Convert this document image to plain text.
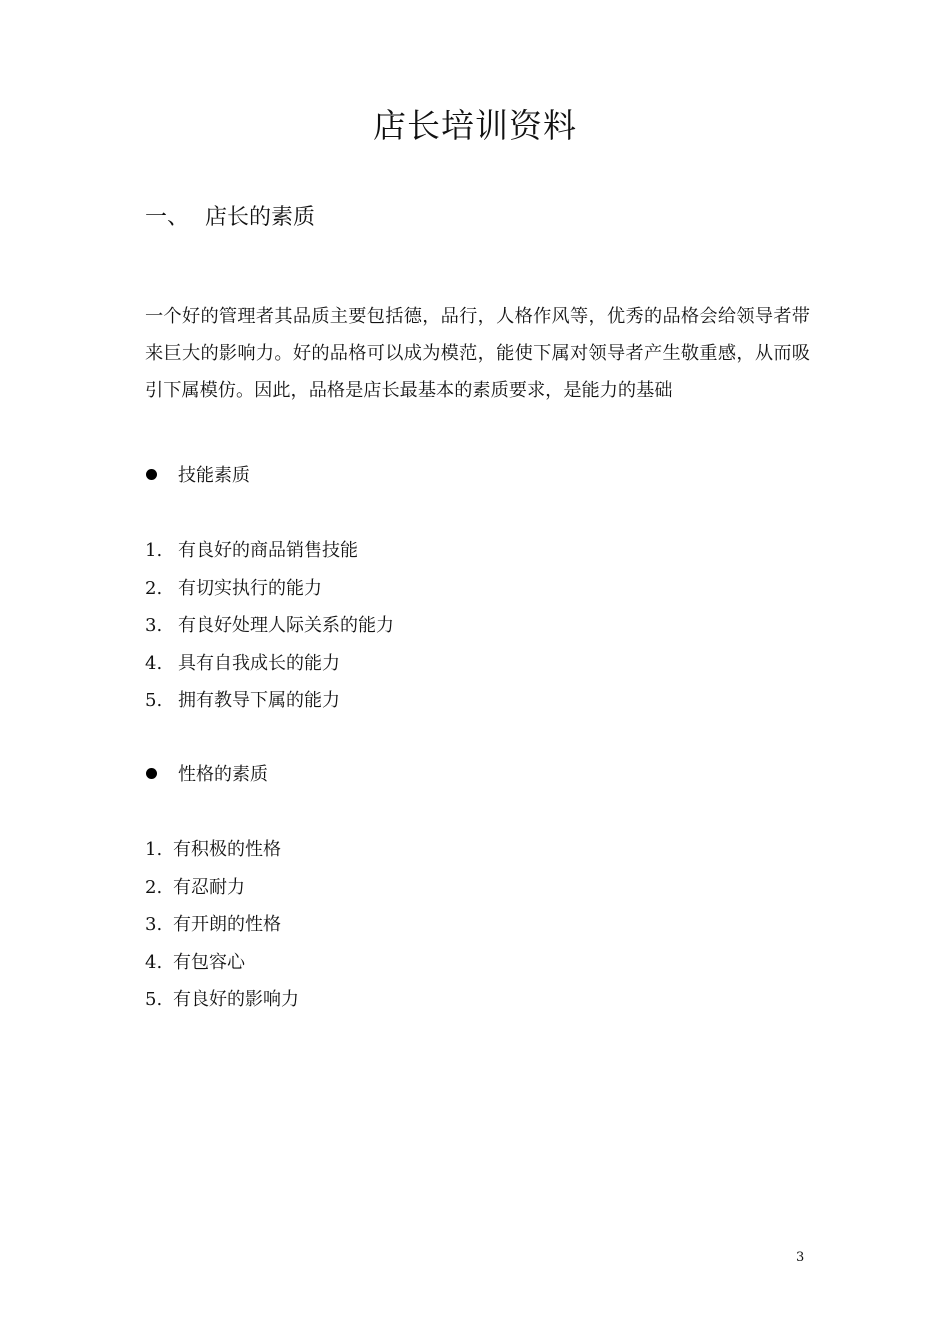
店长培训资料
一、 店长的素质
一个好的管理者其品质主要包括德，品行，人格作风等，优秀的品格会给领导者带来巨大的影响力。好的品格可以成为模范，能使下属对领导者产生敬重感，从而吸引下属模仿。因此，品格是店长最基本的素质要求，是能力的基础
技能素质
1. 有良好的商品销售技能
2. 有切实执行的能力
3. 有良好处理人际关系的能力
4. 具有自我成长的能力
5. 拥有教导下属的能力
性格的素质
1. 有积极的性格
2. 有忍耐力
3. 有开朗的性格
4. 有包容心
5. 有良好的影响力
3
